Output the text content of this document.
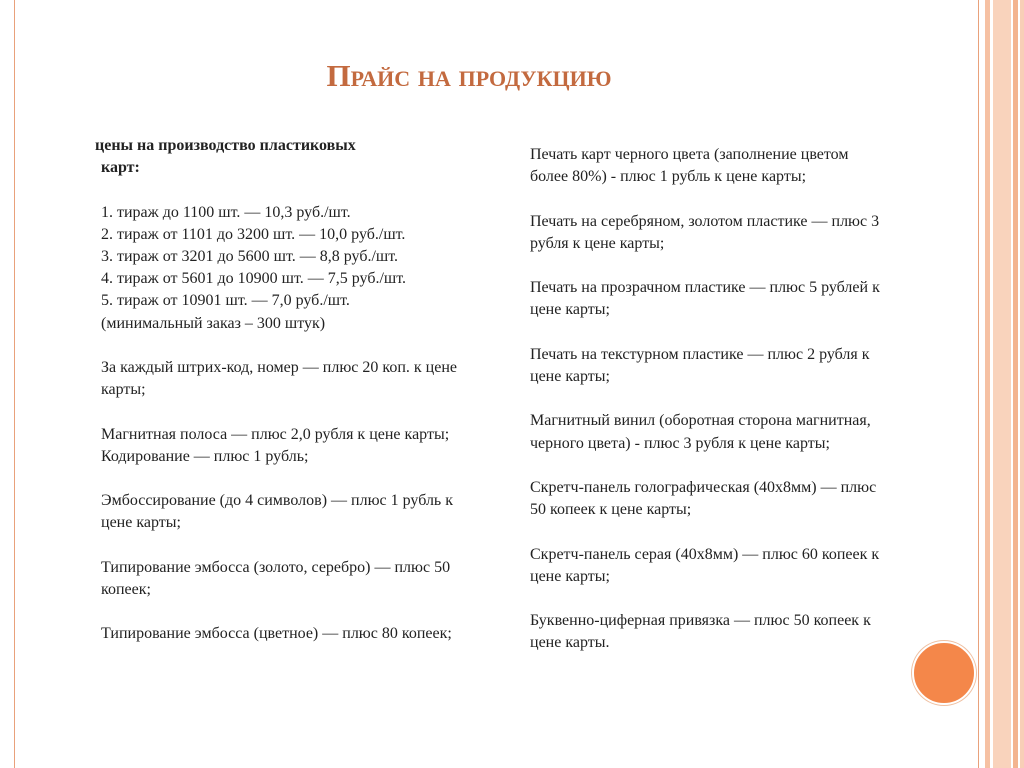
Прайс на продукцию

цены на производство пластиковых
карт:

1. тираж до 1100 шт. — 10,3 руб./шт.

2. тираж от 1101 до 3200 шт. — 10,0 руб./шт.

3. тираж от 3201 до 5600 шт. — 8,8 руб./шт.

4. тираж от 5601 до 10900 шт. — 7,5 руб./шт.

5. тираж от 10901 шт. — 7,0 руб./шт.

(минимальный заказ – 300 штук)

За каждый штрих-код, номер — плюс 20 коп. к цене карты;

Магнитная полоса — плюс 2,0 рубля к цене карты; Кодирование — плюс 1 рубль;

Эмбоссирование (до 4 символов) — плюс 1 рубль к цене карты;

Типирование эмбосса (золото, серебро) — плюс 50 копеек;

Типирование эмбосса (цветное) — плюс 80 копеек;

Печать карт черного цвета (заполнение цветом более 80%) - плюс 1 рубль к цене карты;

Печать на серебряном, золотом пластике — плюс 3 рубля к цене карты;

Печать на прозрачном пластике — плюс 5 рублей к цене карты;

Печать на текстурном пластике — плюс 2 рубля к цене карты;

Магнитный винил (оборотная сторона магнитная, черного цвета) - плюс 3 рубля к цене карты;

Скретч-панель голографическая (40х8мм) — плюс 50 копеек к цене карты;

Скретч-панель серая (40х8мм) — плюс 60 копеек к цене карты;

Буквенно-циферная привязка — плюс 50 копеек к цене карты.
